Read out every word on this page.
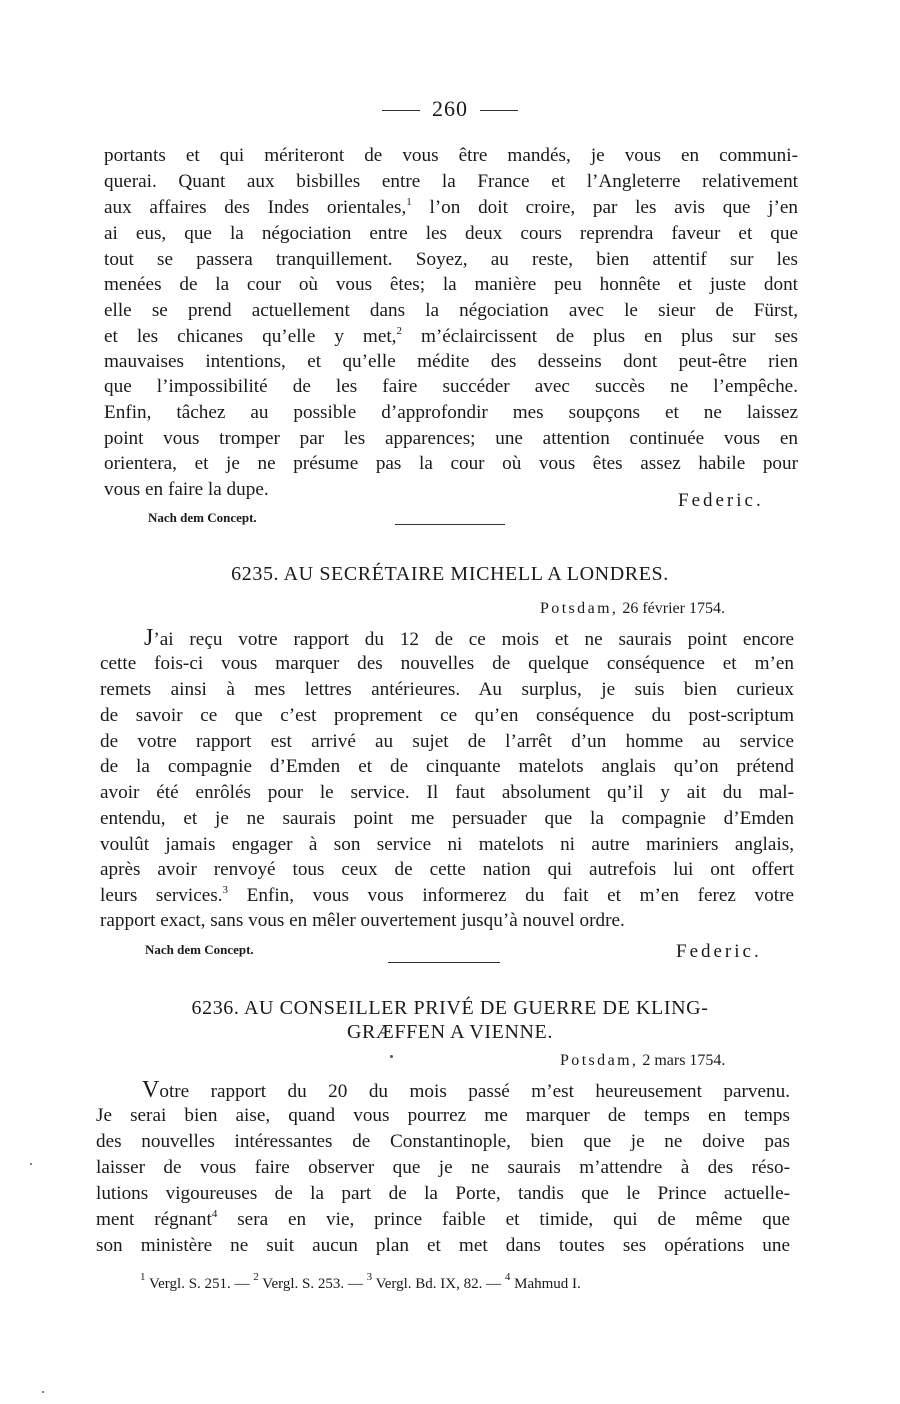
260
portants et qui mériteront de vous être mandés, je vous en communi-
querai. Quant aux bisbilles entre la France et l’Angleterre relativement
aux affaires des Indes orientales,$^1$ l’on doit croire, par les avis que j’en
ai eus, que la négociation entre les deux cours reprendra faveur et que
tout se passera tranquillement. Soyez, au reste, bien attentif sur les
menées de la cour où vous êtes; la manière peu honnête et juste dont
elle se prend actuellement dans la négociation avec le sieur de Fürst,
et les chicanes qu’elle y met,$^2$ m’éclaircissent de plus en plus sur ses
mauvaises intentions, et qu’elle médite des desseins dont peut-être rien
que l’impossibilité de les faire succéder avec succès ne l’empêche.
Enfin, tâchez au possible d’approfondir mes soupçons et ne laissez
point vous tromper par les apparences; une attention continuée vous en
orientera, et je ne présume pas la cour où vous êtes assez habile pour
vous en faire la dupe.
Federic.
Nach dem Concept.
6235. AU SECRÉTAIRE MICHELL A LONDRES.
Potsdam, 26 février 1754.
J’ai reçu votre rapport du 12 de ce mois et ne saurais point encore
cette fois-ci vous marquer des nouvelles de quelque conséquence et m’en
remets ainsi à mes lettres antérieures. Au surplus, je suis bien curieux
de savoir ce que c’est proprement ce qu’en conséquence du post-scriptum
de votre rapport est arrivé au sujet de l’arrêt d’un homme au service
de la compagnie d’Emden et de cinquante matelots anglais qu’on prétend
avoir été enrôlés pour le service. Il faut absolument qu’il y ait du mal-
entendu, et je ne saurais point me persuader que la compagnie d’Emden
voulût jamais engager à son service ni matelots ni autre mariniers anglais,
après avoir renvoyé tous ceux de cette nation qui autrefois lui ont offert
leurs services.$^3$ Enfin, vous vous informerez du fait et m’en ferez votre
rapport exact, sans vous en mêler ouvertement jusqu’à nouvel ordre.
Nach dem Concept.	Federic.
6236. AU CONSEILLER PRIVÉ DE GUERRE DE KLING-
GRÆFFEN A VIENNE.
Potsdam, 2 mars 1754.
Votre rapport du 20 du mois passé m’est heureusement parvenu.
Je serai bien aise, quand vous pourrez me marquer de temps en temps
des nouvelles intéressantes de Constantinople, bien que je ne doive pas
laisser de vous faire observer que je ne saurais m’attendre à des réso-
lutions vigoureuses de la part de la Porte, tandis que le Prince actuelle-
ment régnant$^4$ sera en vie, prince faible et timide, qui de même que
son ministère ne suit aucun plan et met dans toutes ses opérations une
$^1$ Vergl. S. 251. — $^2$ Vergl. S. 253. — $^3$ Vergl. Bd. IX, 82. — $^4$ Mahmud I.
